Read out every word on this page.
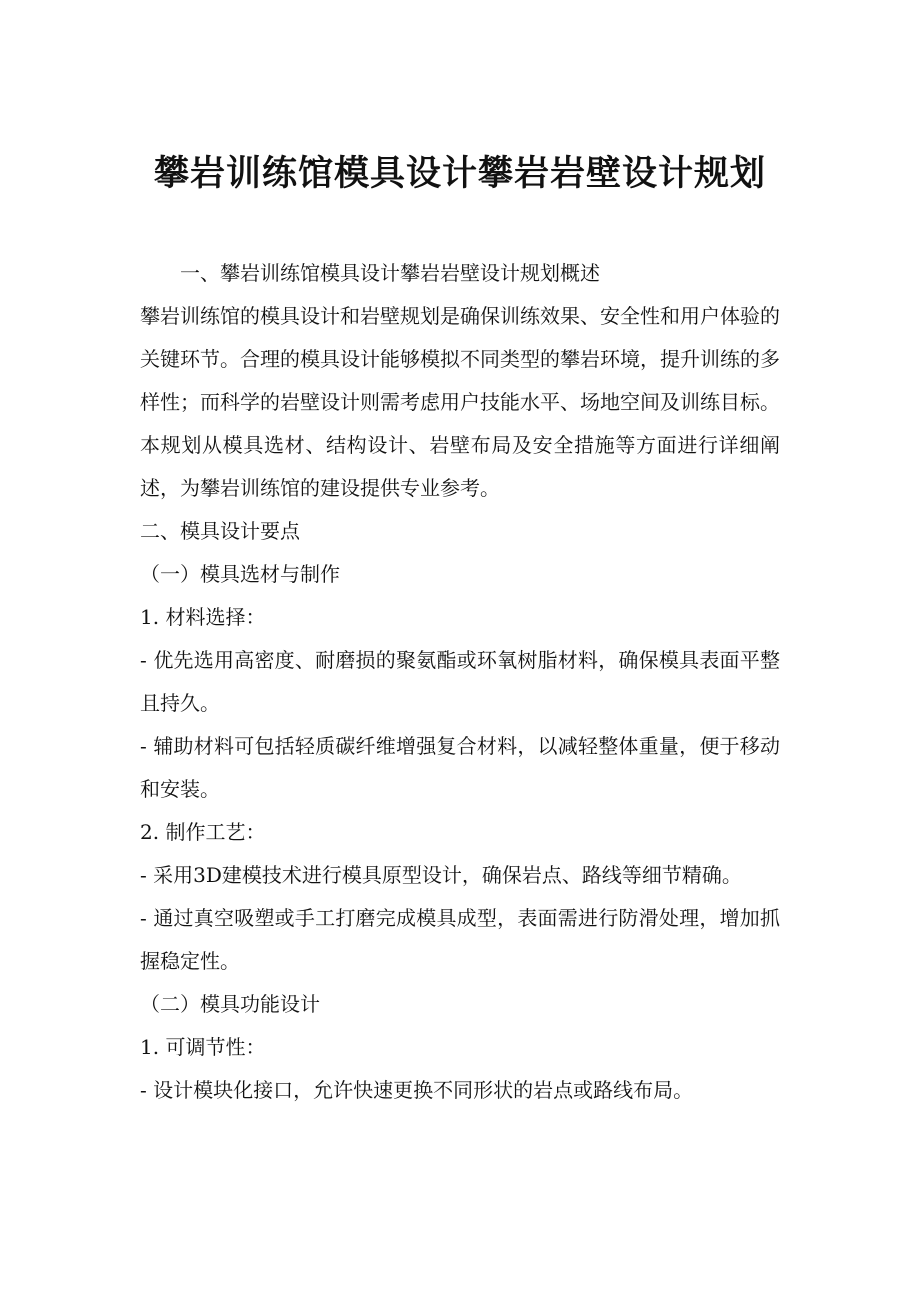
攀岩训练馆模具设计攀岩岩壁设计规划

一、攀岩训练馆模具设计攀岩岩壁设计规划概述

攀岩训练馆的模具设计和岩壁规划是确保训练效果、安全性和用户体验的关键环节。合理的模具设计能够模拟不同类型的攀岩环境，提升训练的多样性；而科学的岩壁设计则需考虑用户技能水平、场地空间及训练目标。本规划从模具选材、结构设计、岩壁布局及安全措施等方面进行详细阐述，为攀岩训练馆的建设提供专业参考。

二、模具设计要点

（一）模具选材与制作

1. 材料选择：

- 优先选用高密度、耐磨损的聚氨酯或环氧树脂材料，确保模具表面平整且持久。

- 辅助材料可包括轻质碳纤维增强复合材料，以减轻整体重量，便于移动和安装。

2. 制作工艺：

- 采用3D建模技术进行模具原型设计，确保岩点、路线等细节精确。

- 通过真空吸塑或手工打磨完成模具成型，表面需进行防滑处理，增加抓握稳定性。

（二）模具功能设计

1. 可调节性：

- 设计模块化接口，允许快速更换不同形状的岩点或路线布局。
